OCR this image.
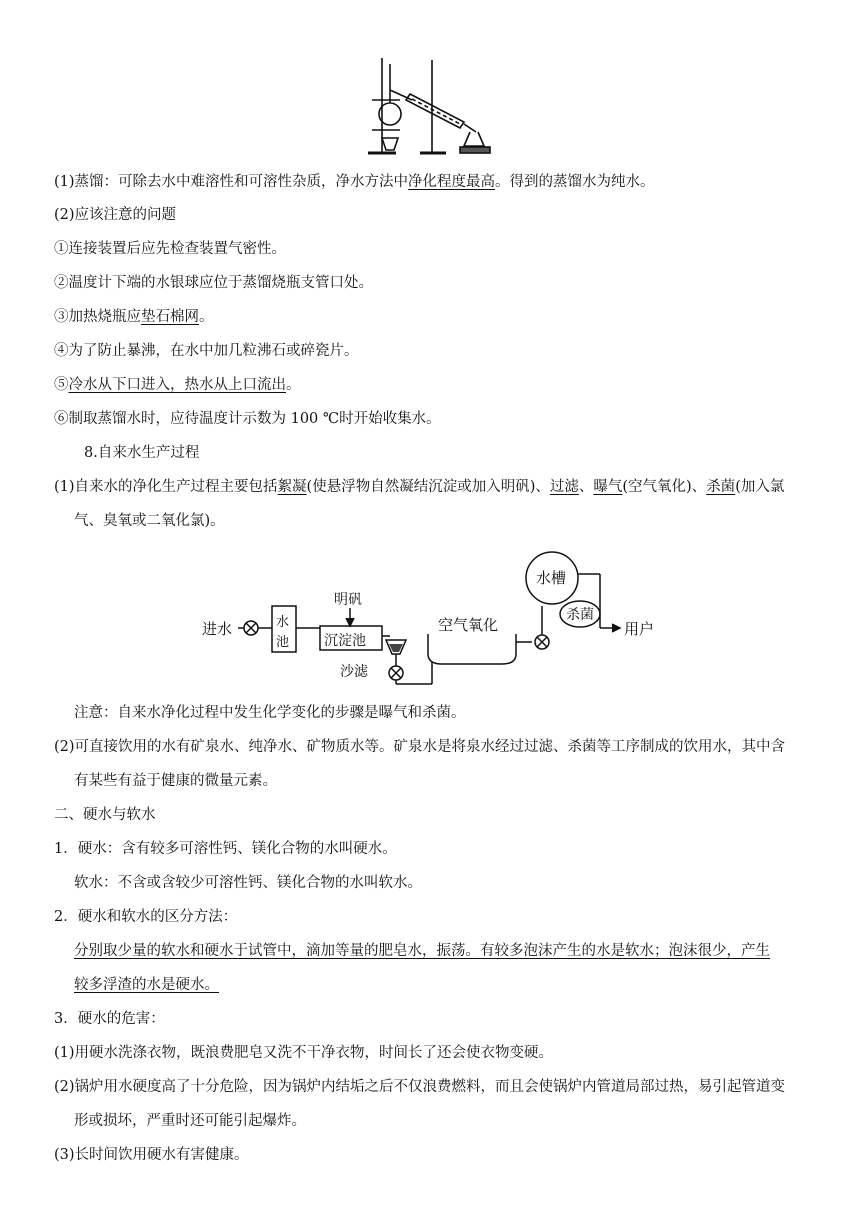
(1)蒸馏：可除去水中难溶性和可溶性杂质，净水方法中净化程度最高。得到的蒸馏水为纯水。
(2)应该注意的问题
①连接装置后应先检查装置气密性。
②温度计下端的水银球应位于蒸馏烧瓶支管口处。
③加热烧瓶应垫石棉网。
④为了防止暴沸，在水中加几粒沸石或碎瓷片。
⑤冷水从下口进入，热水从上口流出。
⑥制取蒸馏水时，应待温度计示数为 100 ℃时开始收集水。
8.自来水生产过程
(1)自来水的净化生产过程主要包括絮凝(使悬浮物自然凝结沉淀或加入明矾)、过滤、曝气(空气氧化)、杀菌(加入氯
气、臭氧或二氧化氯)。
进水	水
池
明矾
沉淀池
沙滤
空气氧化
水槽
杀菌
用户
注意：自来水净化过程中发生化学变化的步骤是曝气和杀菌。
(2)可直接饮用的水有矿泉水、纯净水、矿物质水等。矿泉水是将泉水经过过滤、杀菌等工序制成的饮用水，其中含
有某些有益于健康的微量元素。
二、硬水与软水
1．硬水：含有较多可溶性钙、镁化合物的水叫硬水。
软水：不含或含较少可溶性钙、镁化合物的水叫软水。
2．硬水和软水的区分方法：
分别取少量的软水和硬水于试管中，滴加等量的肥皂水，振荡。有较多泡沫产生的水是软水；泡沫很少，产生
较多浮渣的水是硬水。
3．硬水的危害：
(1)用硬水洗涤衣物，既浪费肥皂又洗不干净衣物，时间长了还会使衣物变硬。
(2)锅炉用水硬度高了十分危险，因为锅炉内结垢之后不仅浪费燃料，而且会使锅炉内管道局部过热，易引起管道变
形或损坏，严重时还可能引起爆炸。
(3)长时间饮用硬水有害健康。
